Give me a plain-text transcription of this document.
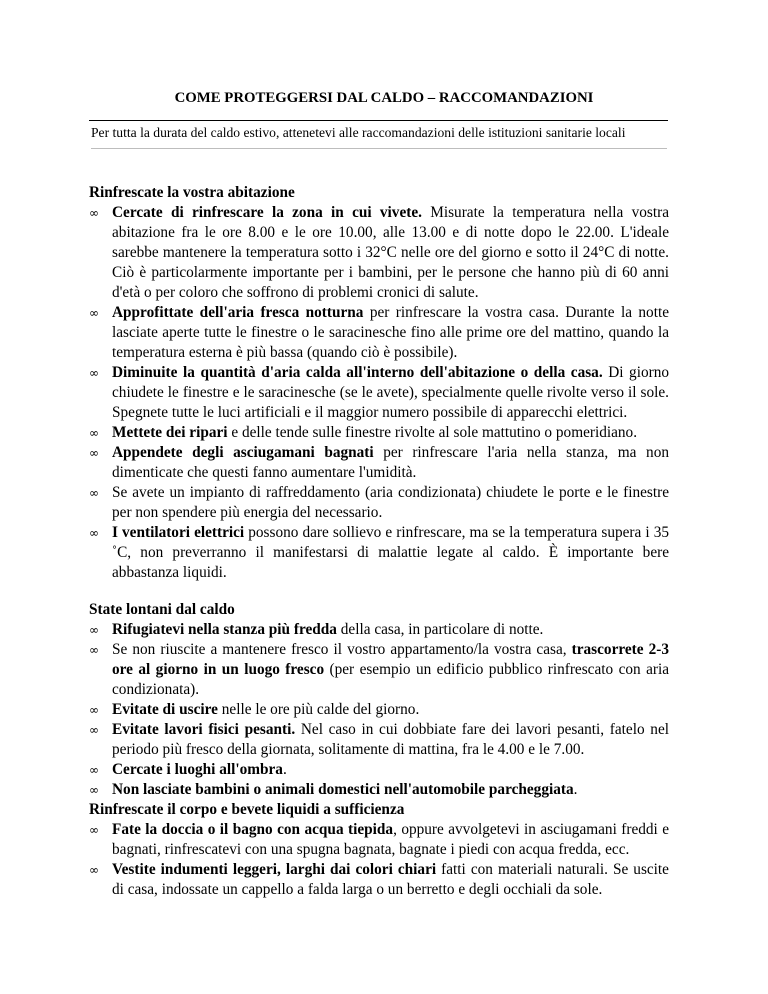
COME PROTEGGERSI DAL CALDO – RACCOMANDAZIONI
Per tutta la durata del caldo estivo, attenetevi alle raccomandazioni delle istituzioni sanitarie locali
Rinfrescate la vostra abitazione
∞ Cercate di rinfrescare la zona in cui vivete. Misurate la temperatura nella vostra abitazione fra le ore 8.00 e le ore 10.00, alle 13.00 e di notte dopo le 22.00. L'ideale sarebbe mantenere la temperatura sotto i 32°C nelle ore del giorno e sotto il 24°C di notte. Ciò è particolarmente importante per i bambini, per le persone che hanno più di 60 anni d'età o per coloro che soffrono di problemi cronici di salute.
∞ Approfittate dell'aria fresca notturna per rinfrescare la vostra casa. Durante la notte lasciate aperte tutte le finestre o le saracinesche fino alle prime ore del mattino, quando la temperatura esterna è più bassa (quando ciò è possibile).
∞ Diminuite la quantità d'aria calda all'interno dell'abitazione o della casa. Di giorno chiudete le finestre e le saracinesche (se le avete), specialmente quelle rivolte verso il sole. Spegnete tutte le luci artificiali e il maggior numero possibile di apparecchi elettrici.
∞ Mettete dei ripari e delle tende sulle finestre rivolte al sole mattutino o pomeridiano.
∞ Appendete degli asciugamani bagnati per rinfrescare l'aria nella stanza, ma non dimenticate che questi fanno aumentare l'umidità.
∞ Se avete un impianto di raffreddamento (aria condizionata) chiudete le porte e le finestre per non spendere più energia del necessario.
∞ I ventilatori elettrici possono dare sollievo e rinfrescare, ma se la temperatura supera i 35 ˚C, non preverranno il manifestarsi di malattie legate al caldo. È importante bere abbastanza liquidi.
State lontani dal caldo
∞ Rifugiatevi nella stanza più fredda della casa, in particolare di notte.
∞ Se non riuscite a mantenere fresco il vostro appartamento/la vostra casa, trascorrete 2-3 ore al giorno in un luogo fresco (per esempio un edificio pubblico rinfrescato con aria condizionata).
∞ Evitate di uscire nelle le ore più calde del giorno.
∞ Evitate lavori fisici pesanti. Nel caso in cui dobbiate fare dei lavori pesanti, fatelo nel periodo più fresco della giornata, solitamente di mattina, fra le 4.00 e le 7.00.
∞ Cercate i luoghi all'ombra.
∞ Non lasciate bambini o animali domestici nell'automobile parcheggiata.
Rinfrescate il corpo e bevete liquidi a sufficienza
∞ Fate la doccia o il bagno con acqua tiepida, oppure avvolgetevi in asciugamani freddi e bagnati, rinfrescatevi con una spugna bagnata, bagnate i piedi con acqua fredda, ecc.
∞ Vestite indumenti leggeri, larghi dai colori chiari fatti con materiali naturali. Se uscite di casa, indossate un cappello a falda larga o un berretto e degli occhiali da sole.
